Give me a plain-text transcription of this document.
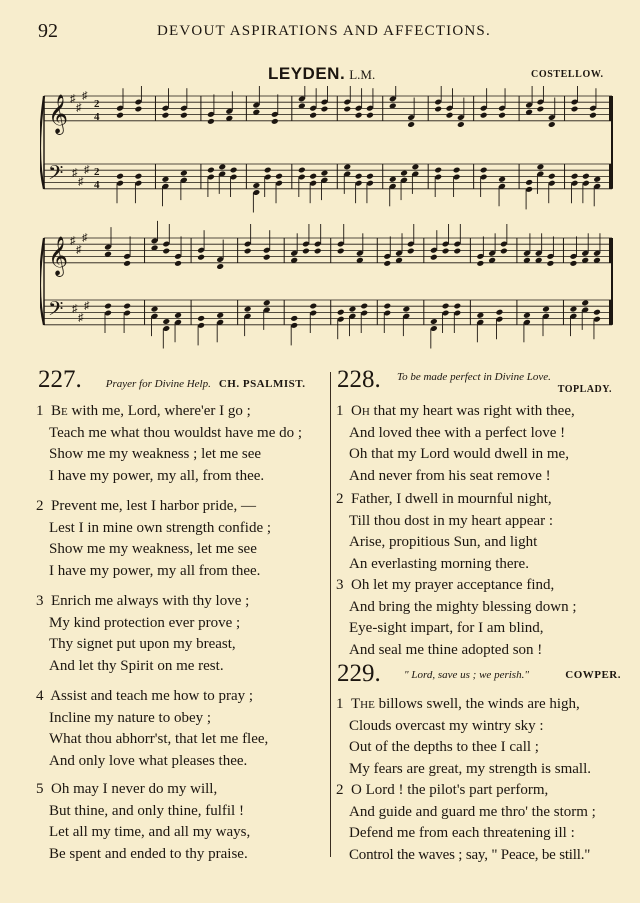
92	DEVOUT ASPIRATIONS AND AFFECTIONS.
LEYDEN. L.M.	COSTELLOW.
𝄞 ♯
♯
♯
2
4
𝄢 ♯
♯
♯ 2
4
𝄞 ♯
♯
♯
𝄢 ♯
♯
♯
227. Prayer for Divine Help. CH. PSALMIST.
1 Be with me, Lord, where'er I go ;
Teach me what thou wouldst have me do ;
Show me my weakness ; let me see
I have my power, my all, from thee.
2 Prevent me, lest I harbor pride, —
Lest I in mine own strength confide ;
Show me my weakness, let me see
I have my power, my all from thee.
3 Enrich me always with thy love ;
My kind protection ever prove ;
Thy signet put upon my breast,
And let thy Spirit on me rest.
4 Assist and teach me how to pray ;
Incline my nature to obey ;
What thou abhorr'st, that let me flee,
And only love what pleases thee.
5 Oh may I never do my will,
But thine, and only thine, fulfil !
Let all my time, and all my ways,
Be spent and ended to thy praise.
228. To be made perfect in Divine Love.
TOPLADY.
1 Oh that my heart was right with thee,
And loved thee with a perfect love !
Oh that my Lord would dwell in me,
And never from his seat remove !
2 Father, I dwell in mournful night,
Till thou dost in my heart appear :
Arise, propitious Sun, and light
An everlasting morning there.
3 Oh let my prayer acceptance find,
And bring the mighty blessing down ;
Eye-sight impart, for I am blind,
And seal me thine adopted son !
229. " Lord, save us ; we perish."	COWPER.
1 The billows swell, the winds are high,
Clouds overcast my wintry sky :
Out of the depths to thee I call ;
My fears are great, my strength is small.
2 O Lord ! the pilot's part perform,
And guide and guard me thro' the storm ;
Defend me from each threatening ill :
Control the waves ; say, " Peace, be still."
